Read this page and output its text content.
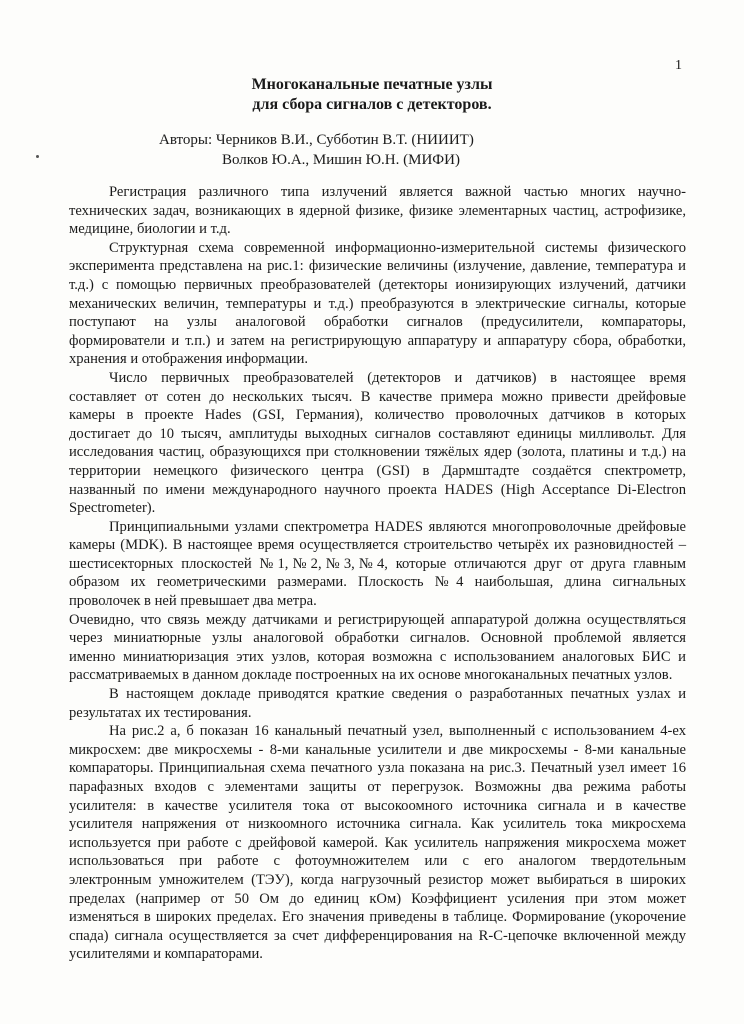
1
Многоканальные печатные узлы
для сбора сигналов с детекторов.
Авторы: Черников В.И., Субботин В.Т. (НИИИТ)
Волков Ю.А., Мишин Ю.Н. (МИФИ)

Регистрация различного типа излучений является важной частью многих научно-
технических задач, возникающих в ядерной физике, физике элементарных частиц, астрофизике,
медицине, биологии и т.д.

Структурная схема современной информационно-измерительной системы физического
эксперимента представлена на рис.1: физические величины (излучение, давление, температура и
т.д.) с помощью первичных преобразователей (детекторы ионизирующих излучений, датчики
механических величин, температуры и т.д.) преобразуются в электрические сигналы, которые
поступают на узлы аналоговой обработки сигналов (предусилители, компараторы,
формирователи и т.п.) и затем на регистрирующую аппаратуру и аппаратуру сбора, обработки,
хранения и отображения информации.

Число первичных преобразователей (детекторов и датчиков) в настоящее время
составляет от сотен до нескольких тысяч. В качестве примера можно привести дрейфовые
камеры в проекте Hades (GSI, Германия), количество проволочных датчиков в которых
достигает до 10 тысяч, амплитуды выходных сигналов составляют единицы милливольт. Для
исследования частиц, образующихся при столкновении тяжёлых ядер (золота, платины и т.д.) на
территории немецкого физического центра (GSI) в Дармштадте создаётся спектрометр,
названный по имени международного научного проекта HADES (High Acceptance Di-Electron
Spectrometer).

Принципиальными узлами спектрометра HADES являются многопроволочные дрейфовые
камеры (MDK). В настоящее время осуществляется строительство четырёх их разновидностей –
шестисекторных плоскостей №1,№2,№3,№4, которые отличаются друг от друга главным
образом их геометрическими размерами. Плоскость №4 наибольшая, длина сигнальных
проволочек в ней превышает два метра.

Очевидно, что связь между датчиками и регистрирующей аппаратурой должна осуществляться
через миниатюрные узлы аналоговой обработки сигналов. Основной проблемой является
именно миниатюризация этих узлов, которая возможна с использованием аналоговых БИС и
рассматриваемых в данном докладе построенных на их основе многоканальных печатных узлов.

В настоящем докладе приводятся краткие сведения о разработанных печатных узлах и
результатах их тестирования.

На рис.2 а, б показан 16 канальный печатный узел, выполненный с использованием 4-ех
микросхем: две микросхемы - 8-ми канальные усилители и две микросхемы - 8-ми канальные
компараторы. Принципиальная схема печатного узла показана на рис.3. Печатный узел имеет 16
парафазных входов с элементами защиты от перегрузок. Возможны два режима работы
усилителя: в качестве усилителя тока от высокоомного источника сигнала и в качестве
усилителя напряжения от низкоомного источника сигнала. Как усилитель тока микросхема
используется при работе с дрейфовой камерой. Как усилитель напряжения микросхема может
использоваться при работе с фотоумножителем или с его аналогом твердотельным
электронным умножителем (ТЭУ), когда нагрузочный резистор может выбираться в широких
пределах (например от 50 Ом до единиц кОм) Коэффициент усиления при этом может
изменяться в широких пределах. Его значения приведены в таблице. Формирование (укорочение
спада) сигнала осуществляется за счет дифференцирования на R-C-цепочке включенной между
усилителями и компараторами.
